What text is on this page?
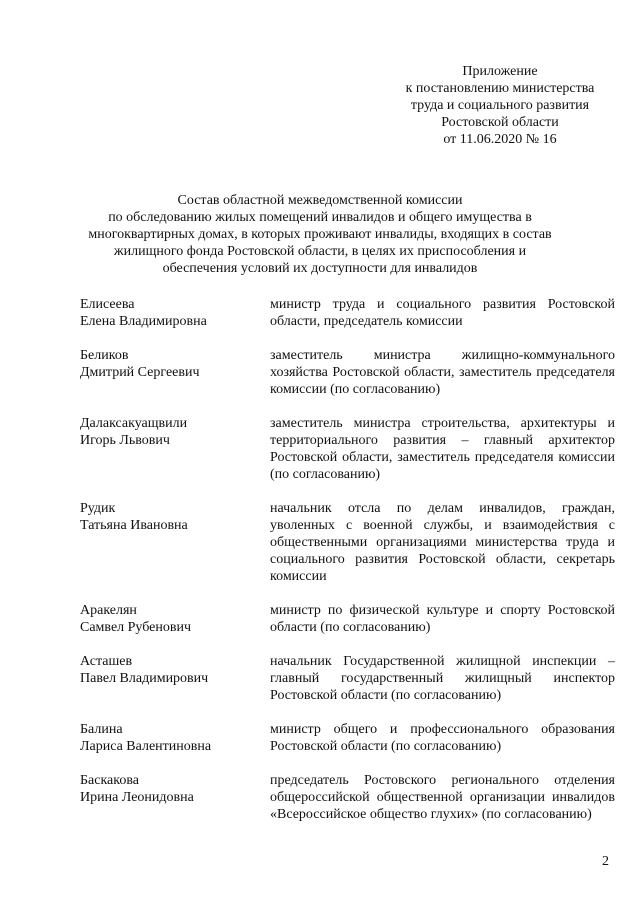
Приложение
к постановлению министерства
труда и социального развития
Ростовской области
от 11.06.2020 № 16
Состав областной межведомственной комиссии
по обследованию жилых помещений инвалидов и общего имущества в
многоквартирных домах, в которых проживают инвалиды, входящих в состав
жилищного фонда Ростовской области, в целях их приспособления и
обеспечения условий их доступности для инвалидов
Елисеева
Елена Владимировна
министр труда и социального развития Ростовской области, председатель комиссии
Беликов
Дмитрий Сергеевич
заместитель министра жилищно-коммунального хозяйства Ростовской области, заместитель председателя комиссии (по согласованию)
Далаксакуащвили
Игорь Львович
заместитель министра строительства, архитектуры и территориального развития – главный архитектор Ростовской области, заместитель председателя комиссии (по согласованию)
Рудик
Татьяна Ивановна
начальник отсла по делам инвалидов, граждан, уволенных с военной службы, и взаимодействия с общественными организациями министерства труда и социального развития Ростовской области, секретарь комиссии
Аракелян
Самвел Рубенович
министр по физической культуре и спорту Ростовской области (по согласованию)
Асташев
Павел Владимирович
начальник Государственной жилищной инспекции – главный государственный жилищный инспектор Ростовской области (по согласованию)
Балина
Лариса Валентиновна
министр общего и профессионального образования Ростовской области (по согласованию)
Баскакова
Ирина Леонидовна
председатель Ростовского регионального отделения общероссийской общественной организации инвалидов «Всероссийское общество глухих» (по согласованию)
2
